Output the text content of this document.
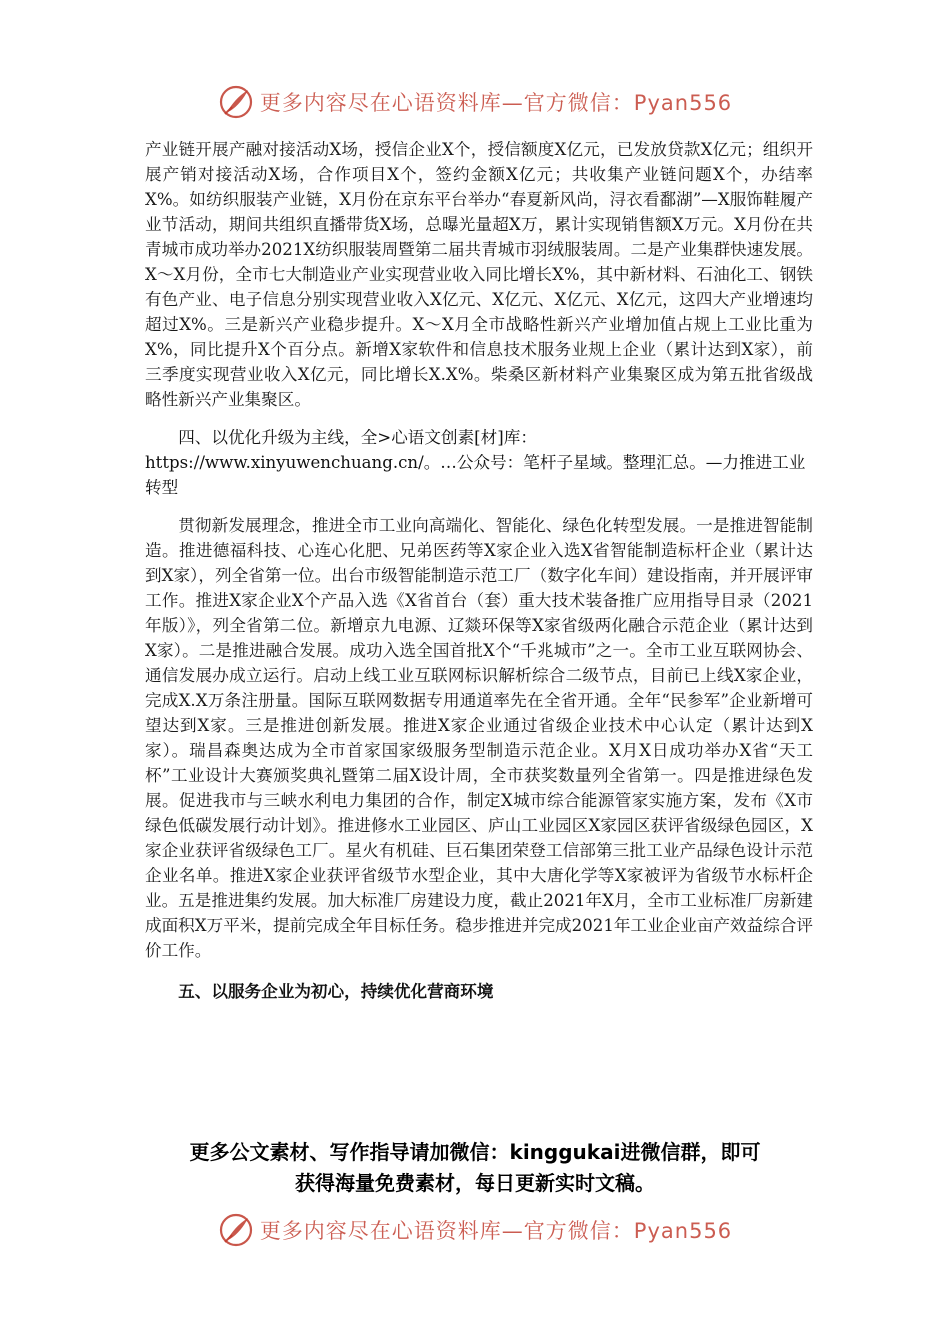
更多内容尽在心语资料库—官方微信：Pyan556

产业链开展产融对接活动X场，授信企业X个，授信额度X亿元，已发放贷款X亿元；组织开展产销对接活动X场，合作项目X个，签约金额X亿元；共收集产业链问题X个，办结率X%。如纺织服装产业链，X月份在京东平台举办“春夏新风尚，浔衣看鄱湖”—X服饰鞋履产业节活动，期间共组织直播带货X场，总曝光量超X万，累计实现销售额X万元。X月份在共青城市成功举办2021X纺织服装周暨第二届共青城市羽绒服装周。二是产业集群快速发展。X～X月份，全市七大制造业产业实现营业收入同比增长X%，其中新材料、石油化工、钢铁有色产业、电子信息分别实现营业收入X亿元、X亿元、X亿元、X亿元，这四大产业增速均超过X%。三是新兴产业稳步提升。X～X月全市战略性新兴产业增加值占规上工业比重为X%，同比提升X个百分点。新增X家软件和信息技术服务业规上企业（累计达到X家），前三季度实现营业收入X亿元，同比增长X.X%。柴桑区新材料产业集聚区成为第五批省级战略性新兴产业集聚区。

四、以优化升级为主线，全>心语文创素[材]库：https://www.xinyuwenchuang.cn/。…公众号：笔杆子星域。整理汇总。—力推进工业转型

贯彻新发展理念，推进全市工业向高端化、智能化、绿色化转型发展。一是推进智能制造。推进德福科技、心连心化肥、兄弟医药等X家企业入选X省智能制造标杆企业（累计达到X家），列全省第一位。出台市级智能制造示范工厂（数字化车间）建设指南，并开展评审工作。推进X家企业X个产品入选《X省首台（套）重大技术装备推广应用指导目录（2021年版）》，列全省第二位。新增京九电源、辽燚环保等X家省级两化融合示范企业（累计达到X家）。二是推进融合发展。成功入选全国首批X个“千兆城市”之一。全市工业互联网协会、通信发展办成立运行。启动上线工业互联网标识解析综合二级节点，目前已上线X家企业，完成X.X万条注册量。国际互联网数据专用通道率先在全省开通。全年“民参军”企业新增可望达到X家。三是推进创新发展。推进X家企业通过省级企业技术中心认定（累计达到X家）。瑞昌森奥达成为全市首家国家级服务型制造示范企业。X月X日成功举办X省“天工杯”工业设计大赛颁奖典礼暨第二届X设计周，全市获奖数量列全省第一。四是推进绿色发展。促进我市与三峡水利电力集团的合作，制定X城市综合能源管家实施方案，发布《X市绿色低碳发展行动计划》。推进修水工业园区、庐山工业园区X家园区获评省级绿色园区，X家企业获评省级绿色工厂。星火有机硅、巨石集团荣登工信部第三批工业产品绿色设计示范企业名单。推进X家企业获评省级节水型企业，其中大唐化学等X家被评为省级节水标杆企业。五是推进集约发展。加大标准厂房建设力度，截止2021年X月，全市工业标准厂房新建成面积X万平米，提前完成全年目标任务。稳步推进并完成2021年工业企业亩产效益综合评价工作。

五、以服务企业为初心，持续优化营商环境

更多公文素材、写作指导请加微信：kinggukai进微信群，即可
获得海量免费素材，每日更新实时文稿。
更多内容尽在心语资料库—官方微信：Pyan556
